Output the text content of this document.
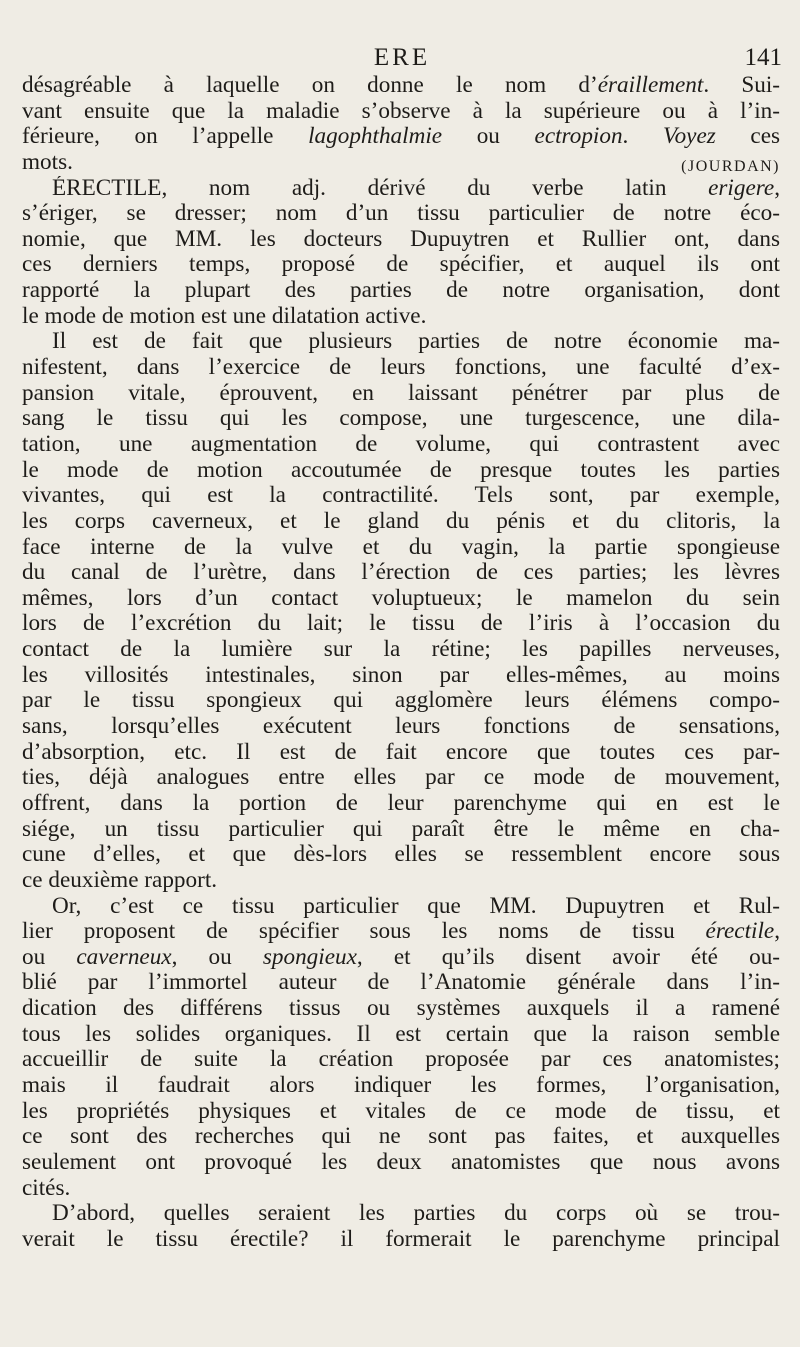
ERE	141
désagréable à laquelle on donne le nom d’éraillement. Sui-
vant ensuite que la maladie s’observe à la supérieure ou à l’in-
férieure, on l’appelle lagophthalmie ou ectropion. Voyez ces
mots.	(JOURDAN)
ÉRECTILE, nom adj. dérivé du verbe latin erigere,
s’ériger, se dresser; nom d’un tissu particulier de notre éco-
nomie, que MM. les docteurs Dupuytren et Rullier ont, dans
ces derniers temps, proposé de spécifier, et auquel ils ont
rapporté la plupart des parties de notre organisation, dont
le mode de motion est une dilatation active.
Il est de fait que plusieurs parties de notre économie ma-
nifestent, dans l’exercice de leurs fonctions, une faculté d’ex-
pansion vitale, éprouvent, en laissant pénétrer par plus de
sang le tissu qui les compose, une turgescence, une dila-
tation, une augmentation de volume, qui contrastent avec
le mode de motion accoutumée de presque toutes les parties
vivantes, qui est la contractilité. Tels sont, par exemple,
les corps caverneux, et le gland du pénis et du clitoris, la
face interne de la vulve et du vagin, la partie spongieuse
du canal de l’urètre, dans l’érection de ces parties; les lèvres
mêmes, lors d’un contact voluptueux; le mamelon du sein
lors de l’excrétion du lait; le tissu de l’iris à l’occasion du
contact de la lumière sur la rétine; les papilles nerveuses,
les villosités intestinales, sinon par elles-mêmes, au moins
par le tissu spongieux qui agglomère leurs élémens compo-
sans, lorsqu’elles exécutent leurs fonctions de sensations,
d’absorption, etc. Il est de fait encore que toutes ces par-
ties, déjà analogues entre elles par ce mode de mouvement,
offrent, dans la portion de leur parenchyme qui en est le
siége, un tissu particulier qui paraît être le même en cha-
cune d’elles, et que dès-lors elles se ressemblent encore sous
ce deuxième rapport.
Or, c’est ce tissu particulier que MM. Dupuytren et Rul-
lier proposent de spécifier sous les noms de tissu érectile,
ou caverneux, ou spongieux, et qu’ils disent avoir été ou-
blié par l’immortel auteur de l’Anatomie générale dans l’in-
dication des différens tissus ou systèmes auxquels il a ramené
tous les solides organiques. Il est certain que la raison semble
accueillir de suite la création proposée par ces anatomistes;
mais il faudrait alors indiquer les formes, l’organisation,
les propriétés physiques et vitales de ce mode de tissu, et
ce sont des recherches qui ne sont pas faites, et auxquelles
seulement ont provoqué les deux anatomistes que nous avons
cités.
D’abord, quelles seraient les parties du corps où se trou-
verait le tissu érectile? il formerait le parenchyme principal
